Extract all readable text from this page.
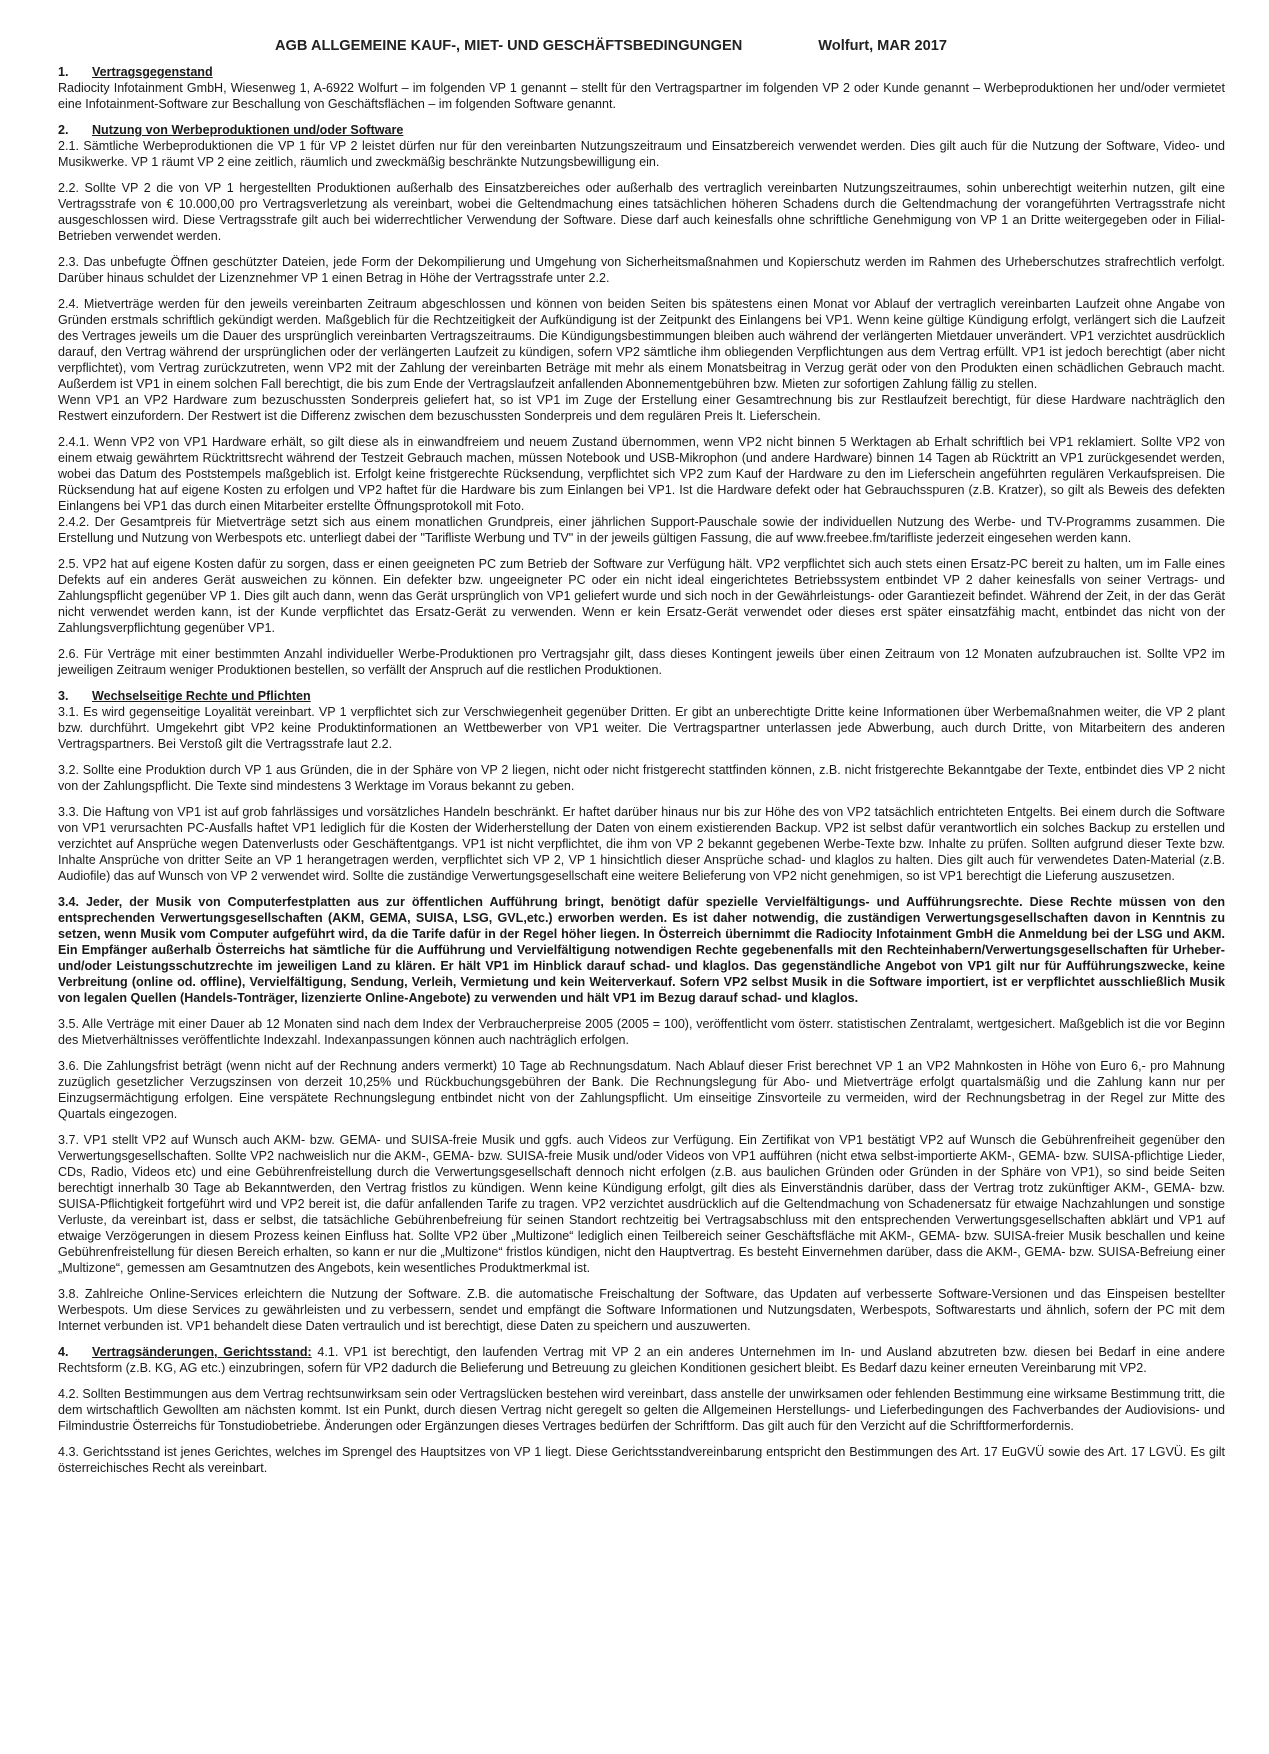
AGB ALLGEMEINE KAUF-, MIET- UND GESCHÄFTSBEDINGUNGEN	Wolfurt, MAR 2017
1. Vertragsgegenstand

Radiocity Infotainment GmbH, Wiesenweg 1, A-6922 Wolfurt – im folgenden VP 1 genannt – stellt für den Vertragspartner im folgenden VP 2 oder Kunde genannt – Werbeproduktionen her und/oder vermietet eine Infotainment-Software zur Beschallung von Geschäftsflächen – im folgenden Software genannt.

2. Nutzung von Werbeproduktionen und/oder Software

2.1. Sämtliche Werbeproduktionen die VP 1 für VP 2 leistet dürfen nur für den vereinbarten Nutzungszeitraum und Einsatzbereich verwendet werden. Dies gilt auch für die Nutzung der Software, Video- und Musikwerke. VP 1 räumt VP 2 eine zeitlich, räumlich und zweckmäßig beschränkte Nutzungsbewilligung ein.

2.2. Sollte VP 2 die von VP 1 hergestellten Produktionen außerhalb des Einsatzbereiches oder außerhalb des vertraglich vereinbarten Nutzungszeitraumes, sohin unberechtigt weiterhin nutzen, gilt eine Vertragsstrafe von € 10.000,00 pro Vertragsverletzung als vereinbart, wobei die Geltendmachung eines tatsächlichen höheren Schadens durch die Geltendmachung der vorangeführten Vertragsstrafe nicht ausgeschlossen wird. Diese Vertragsstrafe gilt auch bei widerrechtlicher Verwendung der Software. Diese darf auch keinesfalls ohne schriftliche Genehmigung von VP 1 an Dritte weitergegeben oder in Filial-Betrieben verwendet werden.

2.3. Das unbefugte Öffnen geschützter Dateien, jede Form der Dekompilierung und Umgehung von Sicherheitsmaßnahmen und Kopierschutz werden im Rahmen des Urheberschutzes strafrechtlich verfolgt. Darüber hinaus schuldet der Lizenznehmer VP 1 einen Betrag in Höhe der Vertragsstrafe unter 2.2.

2.4. Mietverträge werden für den jeweils vereinbarten Zeitraum abgeschlossen und können von beiden Seiten bis spätestens einen Monat vor Ablauf der vertraglich vereinbarten Laufzeit ohne Angabe von Gründen erstmals schriftlich gekündigt werden. Maßgeblich für die Rechtzeitigkeit der Aufkündigung ist der Zeitpunkt des Einlangens bei VP1. Wenn keine gültige Kündigung erfolgt, verlängert sich die Laufzeit des Vertrages jeweils um die Dauer des ursprünglich vereinbarten Vertragszeitraums. Die Kündigungsbestimmungen bleiben auch während der verlängerten Mietdauer unverändert. VP1 verzichtet ausdrücklich darauf, den Vertrag während der ursprünglichen oder der verlängerten Laufzeit zu kündigen, sofern VP2 sämtliche ihm obliegenden Verpflichtungen aus dem Vertrag erfüllt. VP1 ist jedoch berechtigt (aber nicht verpflichtet), vom Vertrag zurückzutreten, wenn VP2 mit der Zahlung der vereinbarten Beträge mit mehr als einem Monatsbeitrag in Verzug gerät oder von den Produkten einen schädlichen Gebrauch macht. Außerdem ist VP1 in einem solchen Fall berechtigt, die bis zum Ende der Vertragslaufzeit anfallenden Abonnementgebühren bzw. Mieten zur sofortigen Zahlung fällig zu stellen.

Wenn VP1 an VP2 Hardware zum bezuschussten Sonderpreis geliefert hat, so ist VP1 im Zuge der Erstellung einer Gesamtrechnung bis zur Restlaufzeit berechtigt, für diese Hardware nachträglich den Restwert einzufordern. Der Restwert ist die Differenz zwischen dem bezuschussten Sonderpreis und dem regulären Preis lt. Lieferschein.

2.4.1. Wenn VP2 von VP1 Hardware erhält, so gilt diese als in einwandfreiem und neuem Zustand übernommen, wenn VP2 nicht binnen 5 Werktagen ab Erhalt schriftlich bei VP1 reklamiert. Sollte VP2 von einem etwaig gewährtem Rücktrittsrecht während der Testzeit Gebrauch machen, müssen Notebook und USB-Mikrophon (und andere Hardware) binnen 14 Tagen ab Rücktritt an VP1 zurückgesendet werden, wobei das Datum des Poststempels maßgeblich ist. Erfolgt keine fristgerechte Rücksendung, verpflichtet sich VP2 zum Kauf der Hardware zu den im Lieferschein angeführten regulären Verkaufspreisen. Die Rücksendung hat auf eigene Kosten zu erfolgen und VP2 haftet für die Hardware bis zum Einlangen bei VP1. Ist die Hardware defekt oder hat Gebrauchsspuren (z.B. Kratzer), so gilt als Beweis des defekten Einlangens bei VP1 das durch einen Mitarbeiter erstellte Öffnungsprotokoll mit Foto.

2.4.2. Der Gesamtpreis für Mietverträge setzt sich aus einem monatlichen Grundpreis, einer jährlichen Support-Pauschale sowie der individuellen Nutzung des Werbe- und TV-Programms zusammen. Die Erstellung und Nutzung von Werbespots etc. unterliegt dabei der "Tarifliste Werbung und TV" in der jeweils gültigen Fassung, die auf www.freebee.fm/tarifliste jederzeit eingesehen werden kann.

2.5. VP2 hat auf eigene Kosten dafür zu sorgen, dass er einen geeigneten PC zum Betrieb der Software zur Verfügung hält. VP2 verpflichtet sich auch stets einen Ersatz-PC bereit zu halten, um im Falle eines Defekts auf ein anderes Gerät ausweichen zu können. Ein defekter bzw. ungeeigneter PC oder ein nicht ideal eingerichtetes Betriebssystem entbindet VP 2 daher keinesfalls von seiner Vertrags- und Zahlungspflicht gegenüber VP 1. Dies gilt auch dann, wenn das Gerät ursprünglich von VP1 geliefert wurde und sich noch in der Gewährleistungs- oder Garantiezeit befindet. Während der Zeit, in der das Gerät nicht verwendet werden kann, ist der Kunde verpflichtet das Ersatz-Gerät zu verwenden. Wenn er kein Ersatz-Gerät verwendet oder dieses erst später einsatzfähig macht, entbindet das nicht von der Zahlungsverpflichtung gegenüber VP1.

2.6. Für Verträge mit einer bestimmten Anzahl individueller Werbe-Produktionen pro Vertragsjahr gilt, dass dieses Kontingent jeweils über einen Zeitraum von 12 Monaten aufzubrauchen ist. Sollte VP2 im jeweiligen Zeitraum weniger Produktionen bestellen, so verfällt der Anspruch auf die restlichen Produktionen.

3. Wechselseitige Rechte und Pflichten

3.1. Es wird gegenseitige Loyalität vereinbart. VP 1 verpflichtet sich zur Verschwiegenheit gegenüber Dritten. Er gibt an unberechtigte Dritte keine Informationen über Werbemaßnahmen weiter, die VP 2 plant bzw. durchführt. Umgekehrt gibt VP2 keine Produktinformationen an Wettbewerber von VP1 weiter. Die Vertragspartner unterlassen jede Abwerbung, auch durch Dritte, von Mitarbeitern des anderen Vertragspartners. Bei Verstoß gilt die Vertragsstrafe laut 2.2.

3.2. Sollte eine Produktion durch VP 1 aus Gründen, die in der Sphäre von VP 2 liegen, nicht oder nicht fristgerecht stattfinden können, z.B. nicht fristgerechte Bekanntgabe der Texte, entbindet dies VP 2 nicht von der Zahlungspflicht. Die Texte sind mindestens 3 Werktage im Voraus bekannt zu geben.

3.3. Die Haftung von VP1 ist auf grob fahrlässiges und vorsätzliches Handeln beschränkt. Er haftet darüber hinaus nur bis zur Höhe des von VP2 tatsächlich entrichteten Entgelts. Bei einem durch die Software von VP1 verursachten PC-Ausfalls haftet VP1 lediglich für die Kosten der Widerherstellung der Daten von einem existierenden Backup. VP2 ist selbst dafür verantwortlich ein solches Backup zu erstellen und verzichtet auf Ansprüche wegen Datenverlusts oder Geschäftentgangs. VP1 ist nicht verpflichtet, die ihm von VP 2 bekannt gegebenen Werbe-Texte bzw. Inhalte zu prüfen. Sollten aufgrund dieser Texte bzw. Inhalte Ansprüche von dritter Seite an VP 1 herangetragen werden, verpflichtet sich VP 2, VP 1 hinsichtlich dieser Ansprüche schad- und klaglos zu halten. Dies gilt auch für verwendetes Daten-Material (z.B. Audiofile) das auf Wunsch von VP 2 verwendet wird. Sollte die zuständige Verwertungsgesellschaft eine weitere Belieferung von VP2 nicht genehmigen, so ist VP1 berechtigt die Lieferung auszusetzen.

3.4. Jeder, der Musik von Computerfestplatten aus zur öffentlichen Aufführung bringt, benötigt dafür spezielle Vervielfältigungs- und Aufführungsrechte. Diese Rechte müssen von den entsprechenden Verwertungsgesellschaften (AKM, GEMA, SUISA, LSG, GVL,etc.) erworben werden. Es ist daher notwendig, die zuständigen Verwertungsgesellschaften davon in Kenntnis zu setzen, wenn Musik vom Computer aufgeführt wird, da die Tarife dafür in der Regel höher liegen. In Österreich übernimmt die Radiocity Infotainment GmbH die Anmeldung bei der LSG und AKM. Ein Empfänger außerhalb Österreichs hat sämtliche für die Aufführung und Vervielfältigung notwendigen Rechte gegebenenfalls mit den Rechteinhabern/Verwertungsgesellschaften für Urheber- und/oder Leistungsschutzrechte im jeweiligen Land zu klären. Er hält VP1 im Hinblick darauf schad- und klaglos. Das gegenständliche Angebot von VP1 gilt nur für Aufführungszwecke, keine Verbreitung (online od. offline), Vervielfältigung, Sendung, Verleih, Vermietung und kein Weiterverkauf. Sofern VP2 selbst Musik in die Software importiert, ist er verpflichtet ausschließlich Musik von legalen Quellen (Handels-Tonträger, lizenzierte Online-Angebote) zu verwenden und hält VP1 im Bezug darauf schad- und klaglos.

3.5. Alle Verträge mit einer Dauer ab 12 Monaten sind nach dem Index der Verbraucherpreise 2005 (2005 = 100), veröffentlicht vom österr. statistischen Zentralamt, wertgesichert. Maßgeblich ist die vor Beginn des Mietverhältnisses veröffentlichte Indexzahl. Indexanpassungen können auch nachträglich erfolgen.

3.6. Die Zahlungsfrist beträgt (wenn nicht auf der Rechnung anders vermerkt) 10 Tage ab Rechnungsdatum. Nach Ablauf dieser Frist berechnet VP 1 an VP2 Mahnkosten in Höhe von Euro 6,- pro Mahnung zuzüglich gesetzlicher Verzugszinsen von derzeit 10,25% und Rückbuchungsgebühren der Bank. Die Rechnungslegung für Abo- und Mietverträge erfolgt quartalsmäßig und die Zahlung kann nur per Einzugsermächtigung erfolgen. Eine verspätete Rechnungslegung entbindet nicht von der Zahlungspflicht. Um einseitige Zinsvorteile zu vermeiden, wird der Rechnungsbetrag in der Regel zur Mitte des Quartals eingezogen.

3.7. VP1 stellt VP2 auf Wunsch auch AKM- bzw. GEMA- und SUISA-freie Musik und ggfs. auch Videos zur Verfügung. Ein Zertifikat von VP1 bestätigt VP2 auf Wunsch die Gebührenfreiheit gegenüber den Verwertungsgesellschaften. Sollte VP2 nachweislich nur die AKM-, GEMA- bzw. SUISA-freie Musik und/oder Videos von VP1 aufführen (nicht etwa selbst-importierte AKM-, GEMA- bzw. SUISA-pflichtige Lieder, CDs, Radio, Videos etc) und eine Gebührenfreistellung durch die Verwertungsgesellschaft dennoch nicht erfolgen (z.B. aus baulichen Gründen oder Gründen in der Sphäre von VP1), so sind beide Seiten berechtigt innerhalb 30 Tage ab Bekanntwerden, den Vertrag fristlos zu kündigen. Wenn keine Kündigung erfolgt, gilt dies als Einverständnis darüber, dass der Vertrag trotz zukünftiger AKM-, GEMA- bzw. SUISA-Pflichtigkeit fortgeführt wird und VP2 bereit ist, die dafür anfallenden Tarife zu tragen. VP2 verzichtet ausdrücklich auf die Geltendmachung von Schadenersatz für etwaige Nachzahlungen und sonstige Verluste, da vereinbart ist, dass er selbst, die tatsächliche Gebührenbefreiung für seinen Standort rechtzeitig bei Vertragsabschluss mit den entsprechenden Verwertungsgesellschaften abklärt und VP1 auf etwaige Verzögerungen in diesem Prozess keinen Einfluss hat. Sollte VP2 über „Multizone“ lediglich einen Teilbereich seiner Geschäftsfläche mit AKM-, GEMA- bzw. SUISA-freier Musik beschallen und keine Gebührenfreistellung für diesen Bereich erhalten, so kann er nur die „Multizone“ fristlos kündigen, nicht den Hauptvertrag. Es besteht Einvernehmen darüber, dass die AKM-, GEMA- bzw. SUISA-Befreiung einer „Multizone“, gemessen am Gesamtnutzen des Angebots, kein wesentliches Produktmerkmal ist.

3.8. Zahlreiche Online-Services erleichtern die Nutzung der Software. Z.B. die automatische Freischaltung der Software, das Updaten auf verbesserte Software-Versionen und das Einspeisen bestellter Werbespots. Um diese Services zu gewährleisten und zu verbessern, sendet und empfängt die Software Informationen und Nutzungsdaten, Werbespots, Softwarestarts und ähnlich, sofern der PC mit dem Internet verbunden ist. VP1 behandelt diese Daten vertraulich und ist berechtigt, diese Daten zu speichern und auszuwerten.

4. Vertragsänderungen, Gerichtsstand: 4.1. VP1 ist berechtigt, den laufenden Vertrag mit VP 2 an ein anderes Unternehmen im In- und Ausland abzutreten bzw. diesen bei Bedarf in eine andere Rechtsform (z.B. KG, AG etc.) einzubringen, sofern für VP2 dadurch die Belieferung und Betreuung zu gleichen Konditionen gesichert bleibt. Es Bedarf dazu keiner erneuten Vereinbarung mit VP2.

4.2. Sollten Bestimmungen aus dem Vertrag rechtsunwirksam sein oder Vertragslücken bestehen wird vereinbart, dass anstelle der unwirksamen oder fehlenden Bestimmung eine wirksame Bestimmung tritt, die dem wirtschaftlich Gewollten am nächsten kommt. Ist ein Punkt, durch diesen Vertrag nicht geregelt so gelten die Allgemeinen Herstellungs- und Lieferbedingungen des Fachverbandes der Audiovisions- und Filmindustrie Österreichs für Tonstudiobetriebe. Änderungen oder Ergänzungen dieses Vertrages bedürfen der Schriftform. Das gilt auch für den Verzicht auf die Schriftformerfordernis.

4.3. Gerichtsstand ist jenes Gerichtes, welches im Sprengel des Hauptsitzes von VP 1 liegt. Diese Gerichtsstandvereinbarung entspricht den Bestimmungen des Art. 17 EuGVÜ sowie des Art. 17 LGVÜ. Es gilt österreichisches Recht als vereinbart.
